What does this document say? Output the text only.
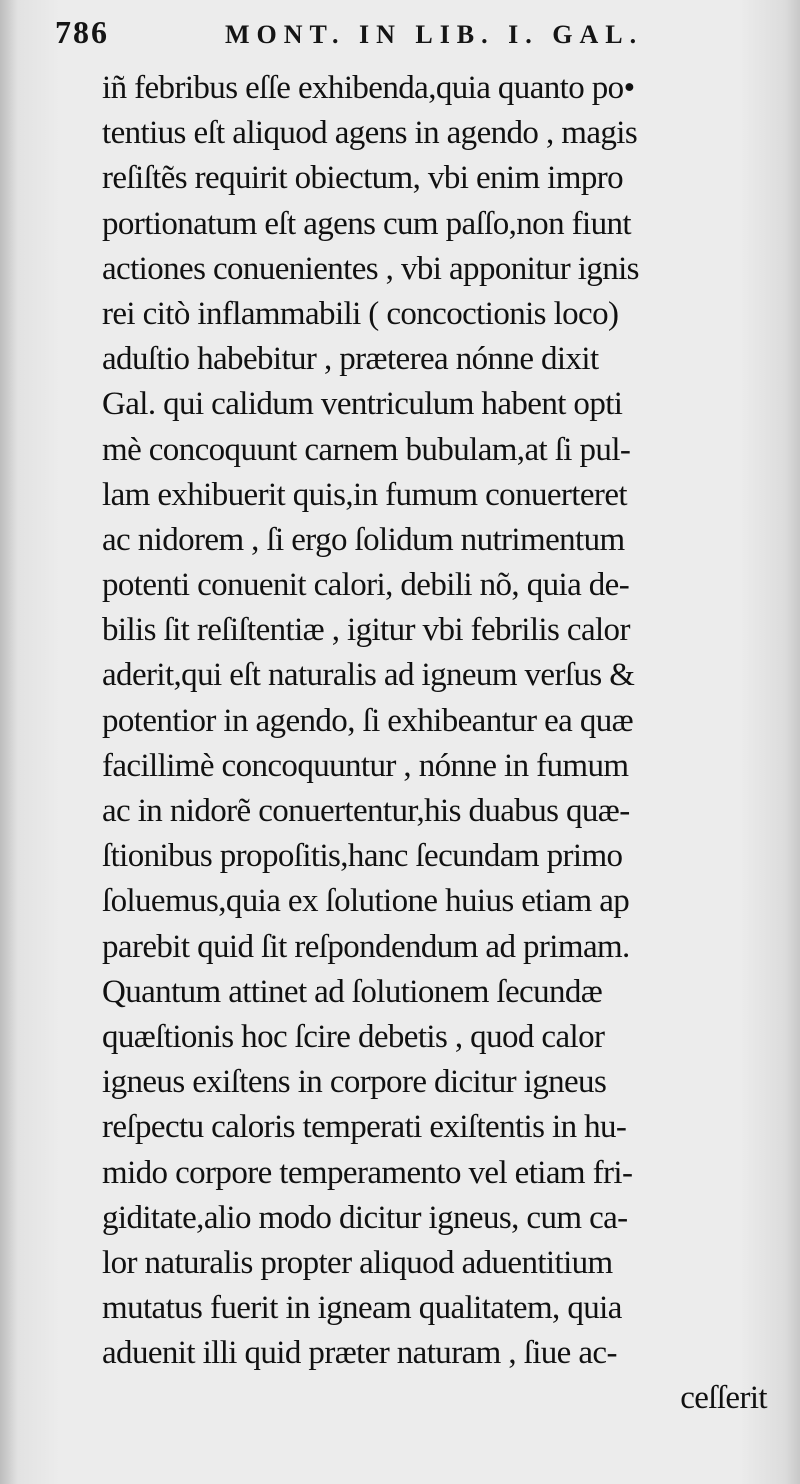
786	MONT. IN LIB. I. GAL.
iñ febribus eſſe exhibenda,quia quanto po•
tentius eſt aliquod agens in agendo , magis
reſiſtẽs requirit obiectum, vbi enim impro
portionatum eſt agens cum paſſo,non fiunt
actiones conuenientes , vbi apponitur ignis
rei citò inflammabili ( concoctionis loco)
aduſtio habebitur , præterea nónne dixit
Gal. qui calidum ventriculum habent opti
mè concoquunt carnem bubulam,at ſi pul-
lam exhibuerit quis,in fumum conuerteret
ac nidorem , ſi ergo ſolidum nutrimentum
potenti conuenit calori, debili nõ, quia de-
bilis ſit reſiſtentiæ , igitur vbi febrilis calor
aderit,qui eſt naturalis ad igneum verſus &
potentior in agendo, ſi exhibeantur ea quæ
facillimè concoquuntur , nónne in fumum
ac in nidorẽ conuertentur,his duabus quæ-
ſtionibus propoſitis,hanc ſecundam primo
ſoluemus,quia ex ſolutione huius etiam ap
parebit quid ſit reſpondendum ad primam.
Quantum attinet ad ſolutionem ſecundæ
quæſtionis hoc ſcire debetis , quod calor
igneus exiſtens in corpore dicitur igneus
reſpectu caloris temperati exiſtentis in hu-
mido corpore temperamento vel etiam fri-
giditate,alio modo dicitur igneus, cum ca-
lor naturalis propter aliquod aduentitium
mutatus fuerit in igneam qualitatem, quia
aduenit illi quid præter naturam , ſiue ac-
ceſſerit
